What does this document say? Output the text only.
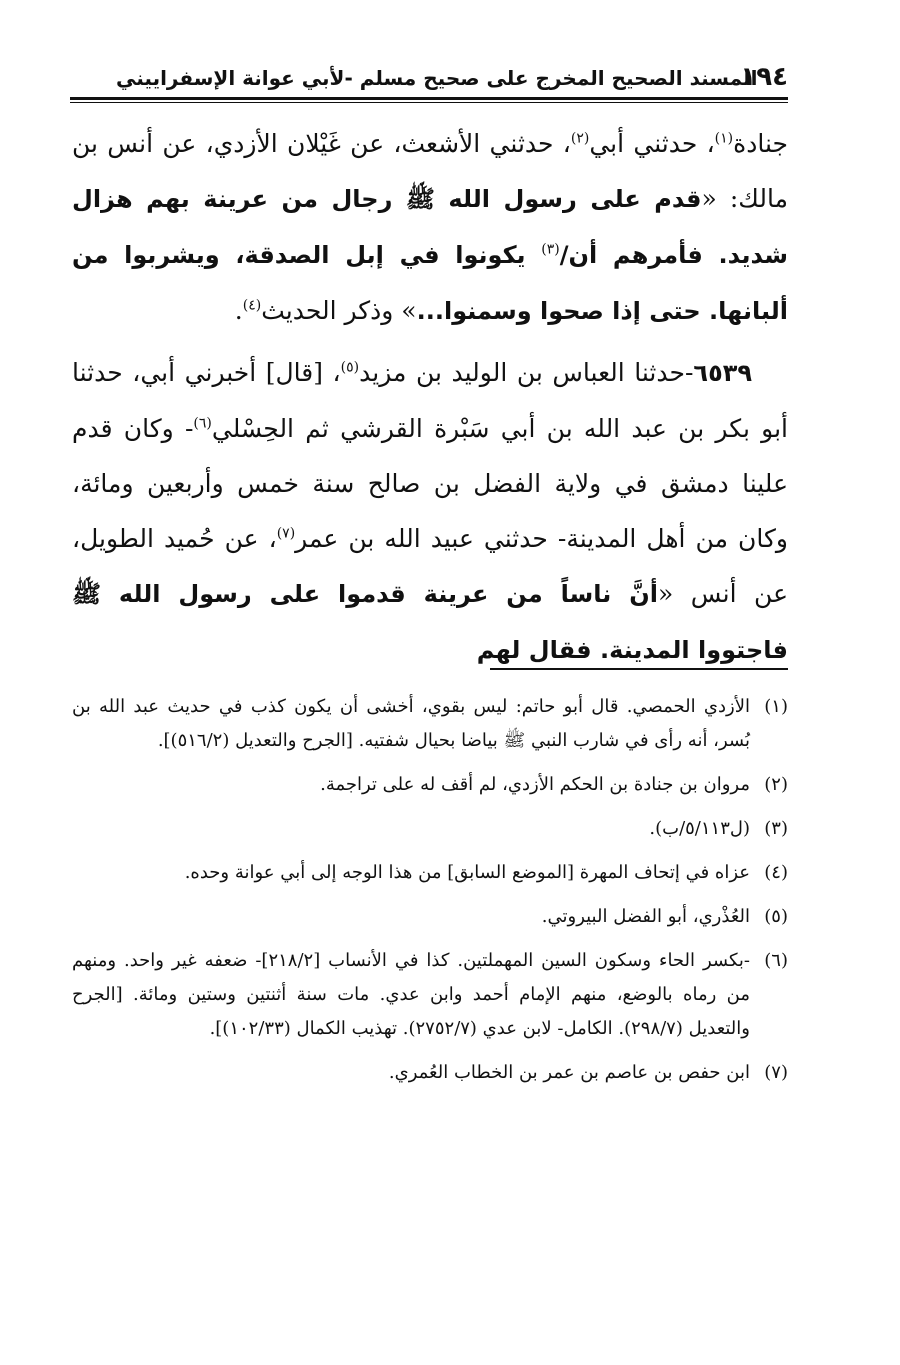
١٩٤
المسند الصحيح المخرج على صحيح مسلم -لأبي عوانة الإسفراييني

جنادة$^{(١)}$، حدثني أبي$^{(٢)}$، حدثني الأشعث، عن غَيْلان الأزدي، عن أنس بن مالك: «قدم على رسول الله ﷺ رجال من عرينة بهم هزال شديد. فأمرهم أن/$^{(٣)}$ يكونوا في إبل الصدقة، ويشربوا من ألبانها. حتى إذا صحوا وسمنوا...» وذكر الحديث$^{(٤)}$.

٦٥٣٩-حدثنا العباس بن الوليد بن مزيد$^{(٥)}$، [قال] أخبرني أبي، حدثنا أبو بكر بن عبد الله بن أبي سَبْرة القرشي ثم الحِسْلي$^{(٦)}$- وكان قدم علينا دمشق في ولاية الفضل بن صالح سنة خمس وأربعين ومائة، وكان من أهل المدينة- حدثني عبيد الله بن عمر$^{(٧)}$، عن حُميد الطويل، عن أنس «أنَّ ناساً من عرينة قدموا على رسول الله ﷺ فاجتووا المدينة. فقال لهم

(١)
الأزدي الحمصي. قال أبو حاتم: ليس بقوي، أخشى أن يكون كذب في حديث عبد الله بن بُسر، أنه رأى في شارب النبي ﷺ بياضا بحيال شفتيه. [الجرح والتعديل (٥١٦/٢)].
(٢)
مروان بن جنادة بن الحكم الأزدي، لم أقف له على تراجمة.
(٣)
(ل٥/١١٣/ب).
(٤)
عزاه في إتحاف المهرة [الموضع السابق] من هذا الوجه إلى أبي عوانة وحده.
(٥)
العُذْري، أبو الفضل البيروتي.
(٦)
-بكسر الحاء وسكون السين المهملتين. كذا في الأنساب [٢١٨/٢]- ضعفه غير واحد. ومنهم من رماه بالوضع، منهم الإمام أحمد وابن عدي. مات سنة أثنتين وستين ومائة. [الجرح والتعديل (٢٩٨/٧). الكامل- لابن عدي (٢٧٥٢/٧). تهذيب الكمال (١٠٢/٣٣)].
(٧)
ابن حفص بن عاصم بن عمر بن الخطاب العُمري.
